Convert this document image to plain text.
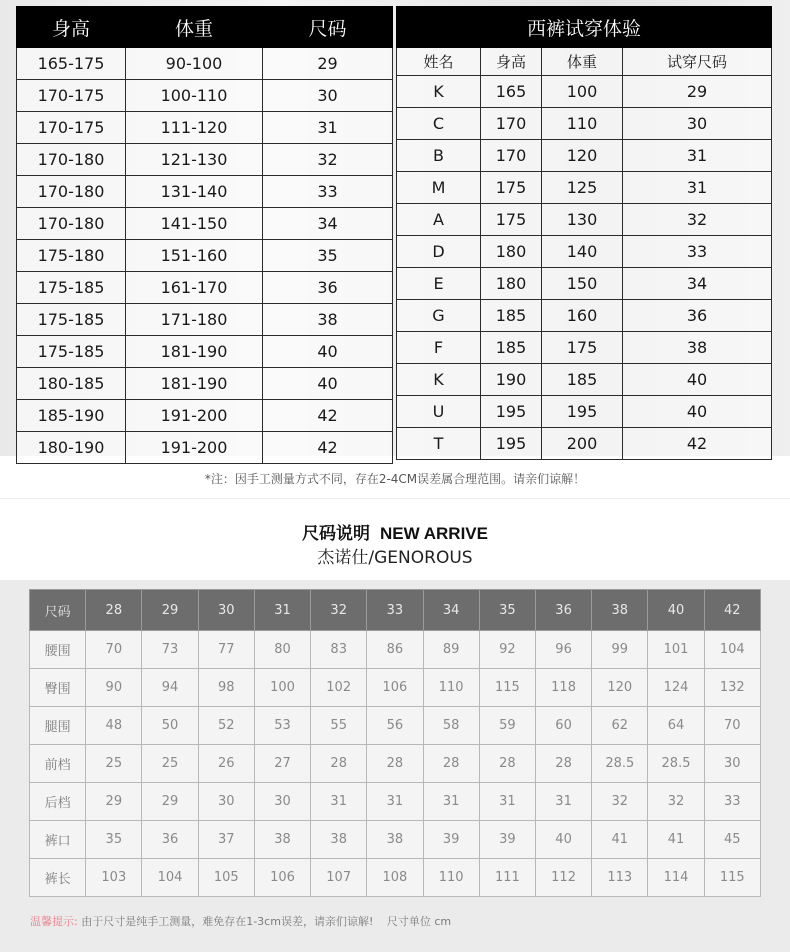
身高	体重	尺码
165-175	90-100	29
170-175	100-110	30
170-175	111-120	31
170-180	121-130	32
170-180	131-140	33
170-180	141-150	34
175-180	151-160	35
175-185	161-170	36
175-185	171-180	38
175-185	181-190	40
180-185	181-190	40
185-190	191-200	42
180-190	191-200	42
西裤试穿体验			
姓名	身高	体重	试穿尺码
K	165	100	29
C	170	110	30
B	170	120	31
M	175	125	31
A	175	130	32
D	180	140	33
E	180	150	34
G	185	160	36
F	185	175	38
K	190	185	40
U	195	195	40
T	195	200	42
*注：因手工测量方式不同，存在2-4CM误差属合理范围。请亲们谅解！
尺码说明 NEW ARRIVE
杰诺仕/GENOROUS
尺码	28	29	30	31	32	33	34	35	36	38	40	42
腰围	70	73	77	80	83	86	89	92	96	99	101	104
臀围	90	94	98	100	102	106	110	115	118	120	124	132
腿围	48	50	52	53	55	56	58	59	60	62	64	70
前档	25	25	26	27	28	28	28	28	28	28.5	28.5	30
后档	29	29	30	30	31	31	31	31	31	32	32	33
裤口	35	36	37	38	38	38	39	39	40	41	41	45
裤长	103	104	105	106	107	108	110	111	112	113	114	115
温馨提示: 由于尺寸是纯手工测量，难免存在1-3cm误差，请亲们谅解! 尺寸单位 cm
